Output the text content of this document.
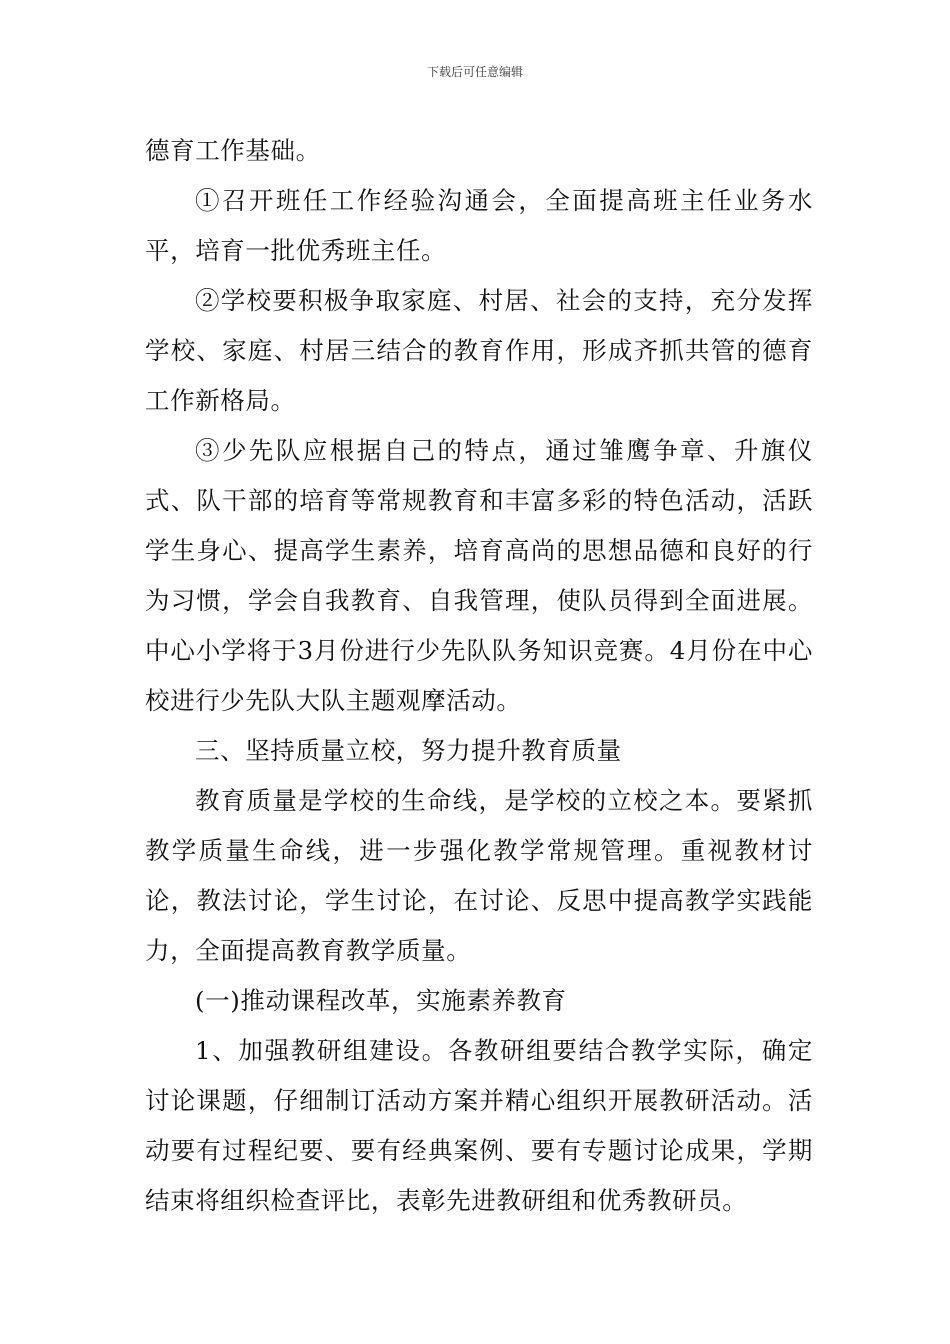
下载后可任意编辑

德育工作基础。

①召开班任工作经验沟通会，全面提高班主任业务水平，培育一批优秀班主任。

②学校要积极争取家庭、村居、社会的支持，充分发挥学校、家庭、村居三结合的教育作用，形成齐抓共管的德育工作新格局。

③少先队应根据自己的特点，通过雏鹰争章、升旗仪式、队干部的培育等常规教育和丰富多彩的特色活动，活跃学生身心、提高学生素养，培育高尚的思想品德和良好的行为习惯，学会自我教育、自我管理，使队员得到全面进展。中心小学将于3月份进行少先队队务知识竞赛。4月份在中心校进行少先队大队主题观摩活动。

三、坚持质量立校，努力提升教育质量

教育质量是学校的生命线，是学校的立校之本。要紧抓教学质量生命线，进一步强化教学常规管理。重视教材讨论，教法讨论，学生讨论，在讨论、反思中提高教学实践能力，全面提高教育教学质量。

(一)推动课程改革，实施素养教育

1、加强教研组建设。各教研组要结合教学实际，确定讨论课题，仔细制订活动方案并精心组织开展教研活动。活动要有过程纪要、要有经典案例、要有专题讨论成果，学期结束将组织检查评比，表彰先进教研组和优秀教研员。
